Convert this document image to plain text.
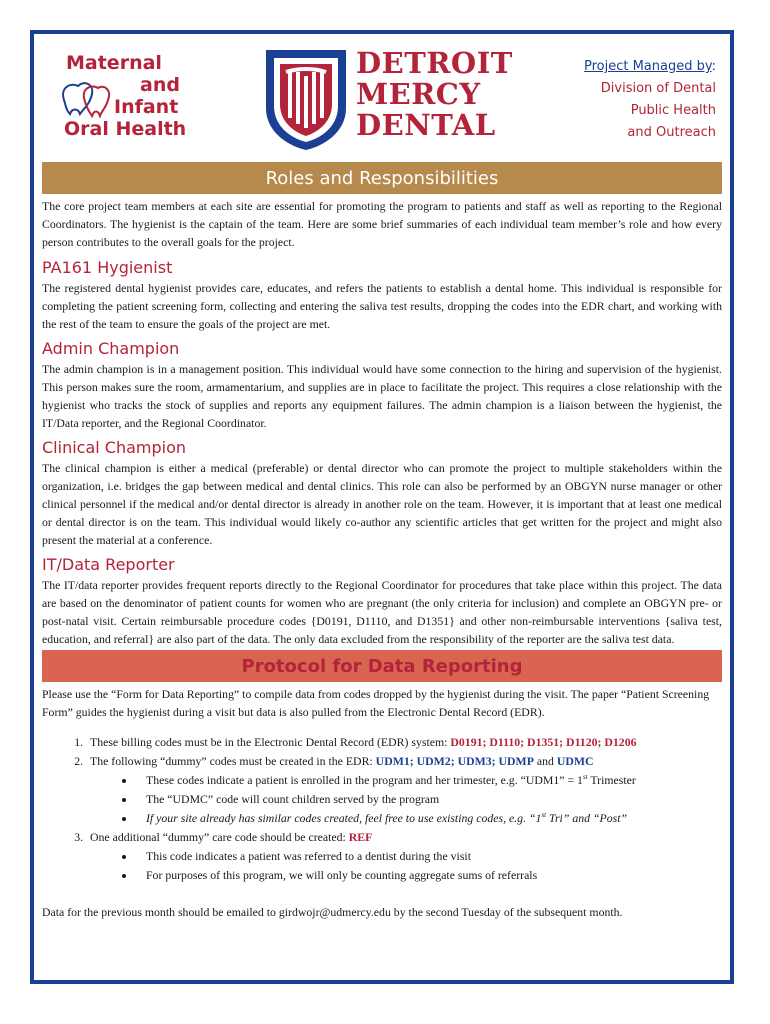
Maternal
and
Infant
Oral Health
DETROIT
MERCY
DENTAL
Project Managed by:
Division of Dental
Public Health
and Outreach
Roles and Responsibilities

The core project team members at each site are essential for promoting the program to patients and staff as well as reporting to the Regional Coordinators. The hygienist is the captain of the team. Here are some brief summaries of each individual team member’s role and how every person contributes to the overall goals for the project.

PA161 Hygienist

The registered dental hygienist provides care, educates, and refers the patients to establish a dental home. This individual is responsible for completing the patient screening form, collecting and entering the saliva test results, dropping the codes into the EDR chart, and working with the rest of the team to ensure the goals of the project are met.

Admin Champion

The admin champion is in a management position. This individual would have some connection to the hiring and supervision of the hygienist. This person makes sure the room, armamentarium, and supplies are in place to facilitate the project. This requires a close relationship with the hygienist who tracks the stock of supplies and reports any equipment failures. The admin champion is a liaison between the hygienist, the IT/Data reporter, and the Regional Coordinator.

Clinical Champion

The clinical champion is either a medical (preferable) or dental director who can promote the project to multiple stakeholders within the organization, i.e. bridges the gap between medical and dental clinics. This role can also be performed by an OBGYN nurse manager or other clinical personnel if the medical and/or dental director is already in another role on the team. However, it is important that at least one medical or dental director is on the team. This individual would likely co-author any scientific articles that get written for the project and might also present the material at a conference.

IT/Data Reporter

The IT/data reporter provides frequent reports directly to the Regional Coordinator for procedures that take place within this project. The data are based on the denominator of patient counts for women who are pregnant (the only criteria for inclusion) and complete an OBGYN pre- or post-natal visit. Certain reimbursable procedure codes {D0191, D1110, and D1351} and other non-reimbursable interventions {saliva test, education, and referral} are also part of the data. The only data excluded from the responsibility of the reporter are the saliva test data.

Protocol for Data Reporting

Please use the “Form for Data Reporting” to compile data from codes dropped by the hygienist during the visit. The paper “Patient Screening Form” guides the hygienist during a visit but data is also pulled from the Electronic Dental Record (EDR).

1. These billing codes must be in the Electronic Dental Record (EDR) system: D0191; D1110; D1351; D1120; D1206
2. The following “dummy” codes must be created in the EDR: UDM1; UDM2; UDM3; UDMP and UDMC
• These codes indicate a patient is enrolled in the program and her trimester, e.g. “UDM1” = 1st Trimester
• The “UDMC” code will count children served by the program
• If your site already has similar codes created, feel free to use existing codes, e.g. “1st Tri” and “Post”
3. One additional “dummy” care code should be created: REF
• This code indicates a patient was referred to a dentist during the visit
• For purposes of this program, we will only be counting aggregate sums of referrals

Data for the previous month should be emailed to girdwojr@udmercy.edu by the second Tuesday of the subsequent month.
